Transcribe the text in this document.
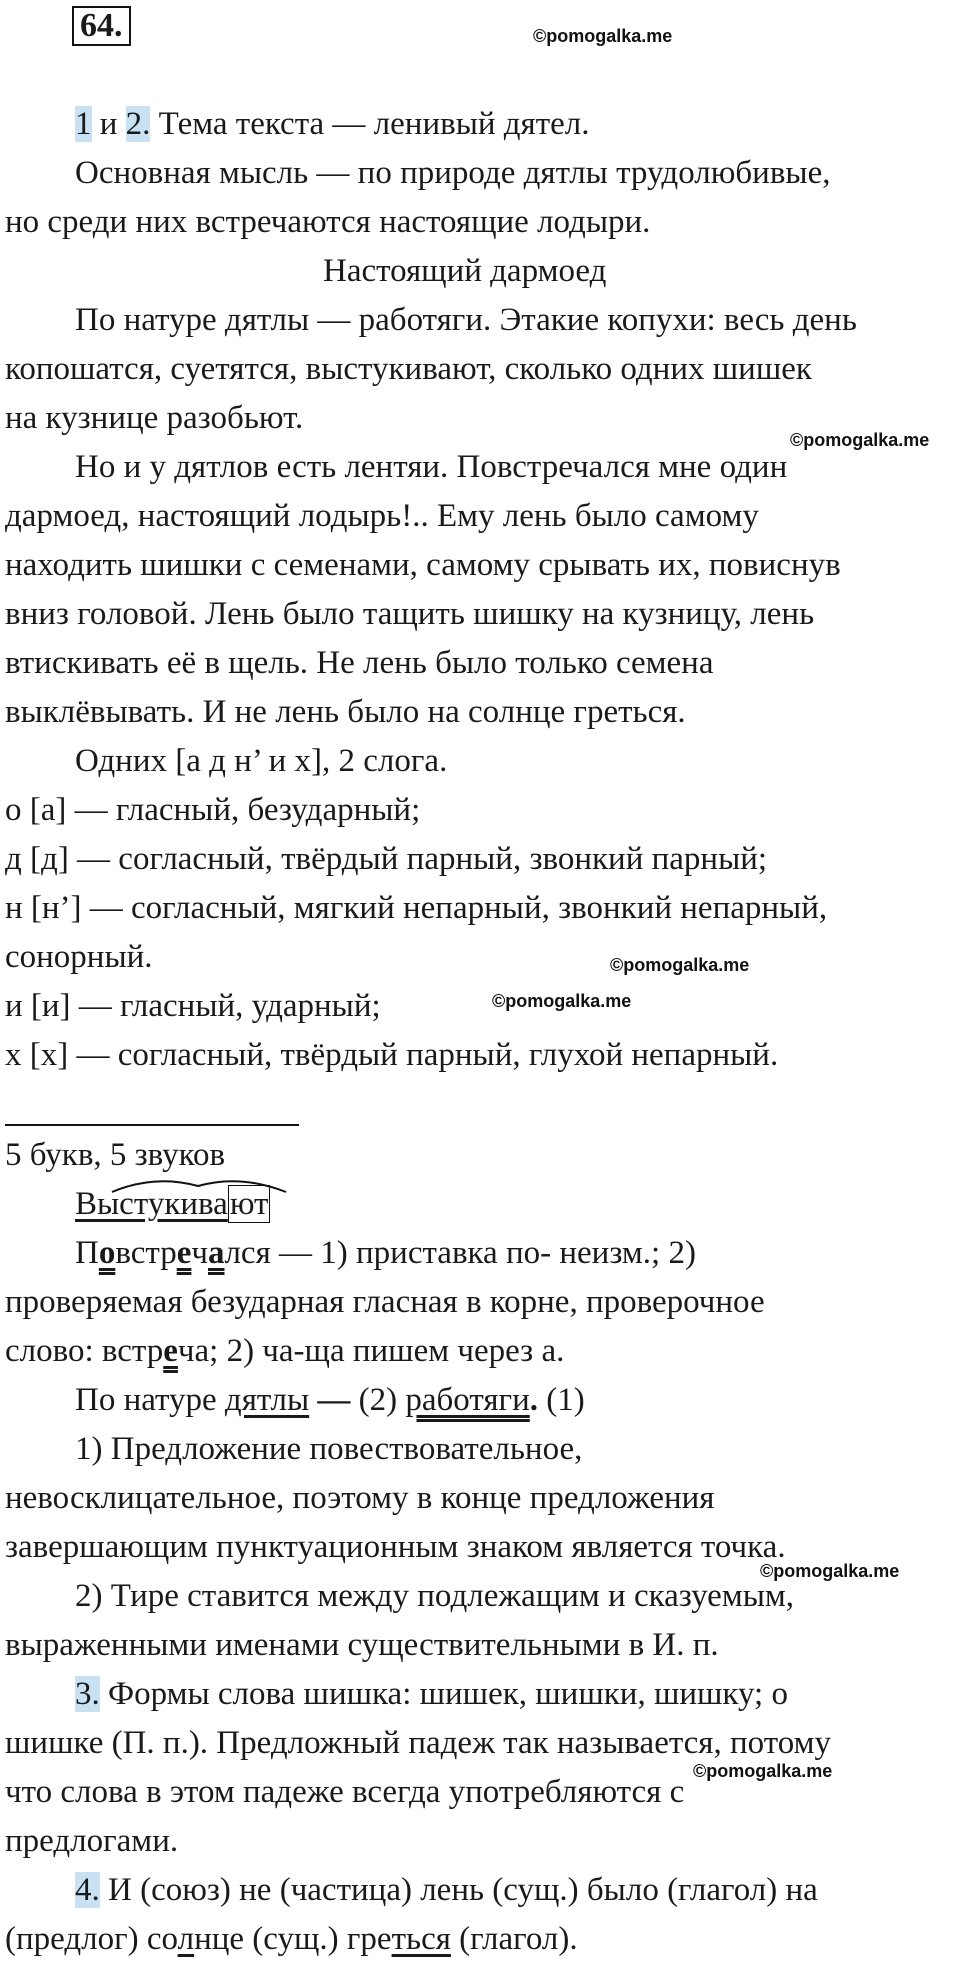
64.	©pomogalka.me
1 и 2. Тема текста — ленивый дятел.
Основная мысль — по природе дятлы трудолюбивые,
но среди них встречаются настоящие лодыри.
Настоящий дармоед
По натуре дятлы — работяги. Этакие копухи: весь день
копошатся, суетятся, выстукивают, сколько одних шишек
на кузнице разобьют.
©pomogalka.me
Но и у дятлов есть лентяи. Повстречался мне один
дармоед, настоящий лодырь!.. Ему лень было самому
находить шишки с семенами, самому срывать их, повиснув
вниз головой. Лень было тащить шишку на кузницу, лень
втискивать её в щель. Не лень было только семена
выклёвывать. И не лень было на солнце греться.
Одних [а д н’ и х], 2 слога.
о [а] — гласный, безударный;
д [д] — согласный, твёрдый парный, звонкий парный;
н [н’] — согласный, мягкий непарный, звонкий непарный,
сонорный.	©pomogalka.me
и [и] — гласный, ударный;	©pomogalka.me
х [х] — согласный, твёрдый парный, глухой непарный.
5 букв, 5 звуков
Выстукивают
Повстречался — 1) приставка по- неизм.; 2)
проверяемая безударная гласная в корне, проверочное
слово: встреча; 2) ча-ща пишем через а.
По натуре дятлы — (2) работяги. (1)
1) Предложение повествовательное,
невосклицательное, поэтому в конце предложения
завершающим пунктуационным знаком является точка.
©pomogalka.me
2) Тире ставится между подлежащим и сказуемым,
выраженными именами существительными в И. п.
3. Формы слова шишка: шишек, шишки, шишку; о
шишке (П. п.). Предложный падеж так называется, потому
©pomogalka.me
что слова в этом падеже всегда употребляются с
предлогами.
4. И (союз) не (частица) лень (сущ.) было (глагол) на
(предлог) солнце (сущ.) греться (глагол).
